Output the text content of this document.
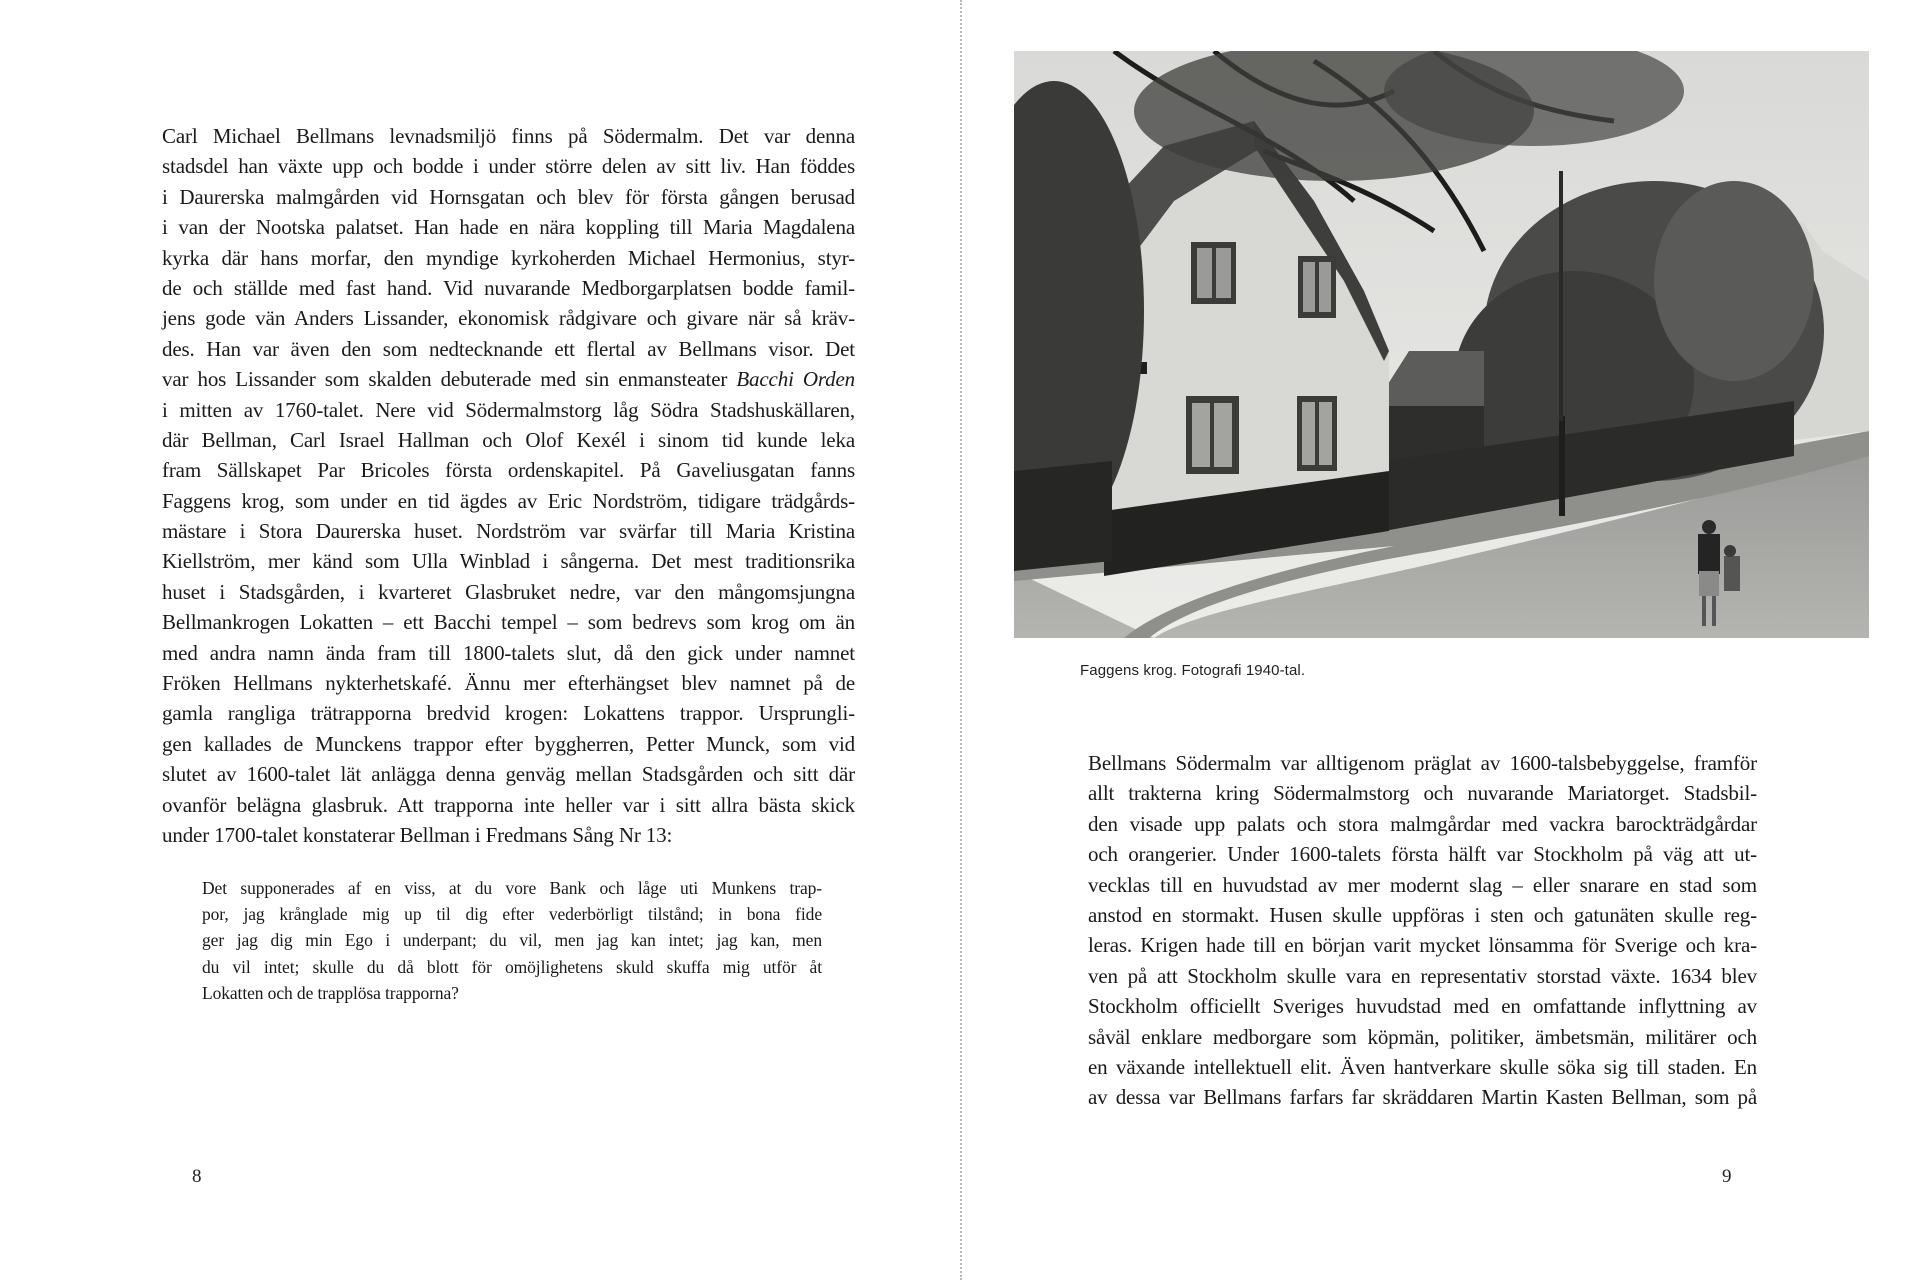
Carl Michael Bellmans levnadsmiljö finns på Södermalm. Det var denna
stadsdel han växte upp och bodde i under större delen av sitt liv. Han föddes
i Daurerska malmgården vid Hornsgatan och blev för första gången berusad
i van der Nootska palatset. Han hade en nära koppling till Maria Magdalena
kyrka där hans morfar, den myndige kyrkoherden Michael Hermonius, styr-
de och ställde med fast hand. Vid nuvarande Medborgarplatsen bodde famil-
jens gode vän Anders Lissander, ekonomisk rådgivare och givare när så kräv-
des. Han var även den som nedtecknande ett flertal av Bellmans visor. Det
var hos Lissander som skalden debuterade med sin enmansteater Bacchi Orden
i mitten av 1760-talet. Nere vid Södermalmstorg låg Södra Stadshuskällaren,
där Bellman, Carl Israel Hallman och Olof Kexél i sinom tid kunde leka
fram Sällskapet Par Bricoles första ordenskapitel. På Gaveliusgatan fanns
Faggens krog, som under en tid ägdes av Eric Nordström, tidigare trädgårds-
mästare i Stora Daurerska huset. Nordström var svärfar till Maria Kristina
Kiellström, mer känd som Ulla Winblad i sångerna. Det mest traditionsrika
huset i Stadsgården, i kvarteret Glasbruket nedre, var den mångomsjungna
Bellmankrogen Lokatten – ett Bacchi tempel – som bedrevs som krog om än
med andra namn ända fram till 1800-talets slut, då den gick under namnet
Fröken Hellmans nykterhetskafé. Ännu mer efterhängset blev namnet på de
gamla rangliga trätrapporna bredvid krogen: Lokattens trappor. Ursprungli-
gen kallades de Munckens trappor efter byggherren, Petter Munck, som vid
slutet av 1600-talet lät anlägga denna genväg mellan Stadsgården och sitt där
ovanför belägna glasbruk. Att trapporna inte heller var i sitt allra bästa skick
under 1700-talet konstaterar Bellman i Fredmans Sång Nr 13:
Det supponerades af en viss, at du vore Bank och låge uti Munkens trap-
por, jag krånglade mig up til dig efter vederbörligt tilstånd; in bona fide
ger jag dig min Ego i underpant; du vil, men jag kan intet; jag kan, men
du vil intet; skulle du då blott för omöjlighetens skuld skuffa mig utför åt
Lokatten och de trapplösa trapporna?
8
Faggens krog. Fotografi 1940-tal.
Bellmans Södermalm var alltigenom präglat av 1600-talsbebyggelse, framför
allt trakterna kring Södermalmstorg och nuvarande Mariatorget. Stadsbil-
den visade upp palats och stora malmgårdar med vackra barockträdgårdar
och orangerier. Under 1600-talets första hälft var Stockholm på väg att ut-
vecklas till en huvudstad av mer modernt slag – eller snarare en stad som
anstod en stormakt. Husen skulle uppföras i sten och gatunäten skulle reg-
leras. Krigen hade till en början varit mycket lönsamma för Sverige och kra-
ven på att Stockholm skulle vara en representativ storstad växte. 1634 blev
Stockholm officiellt Sveriges huvudstad med en omfattande inflyttning av
såväl enklare medborgare som köpmän, politiker, ämbetsmän, militärer och
en växande intellektuell elit. Även hantverkare skulle söka sig till staden. En
av dessa var Bellmans farfars far skräddaren Martin Kasten Bellman, som på
9
